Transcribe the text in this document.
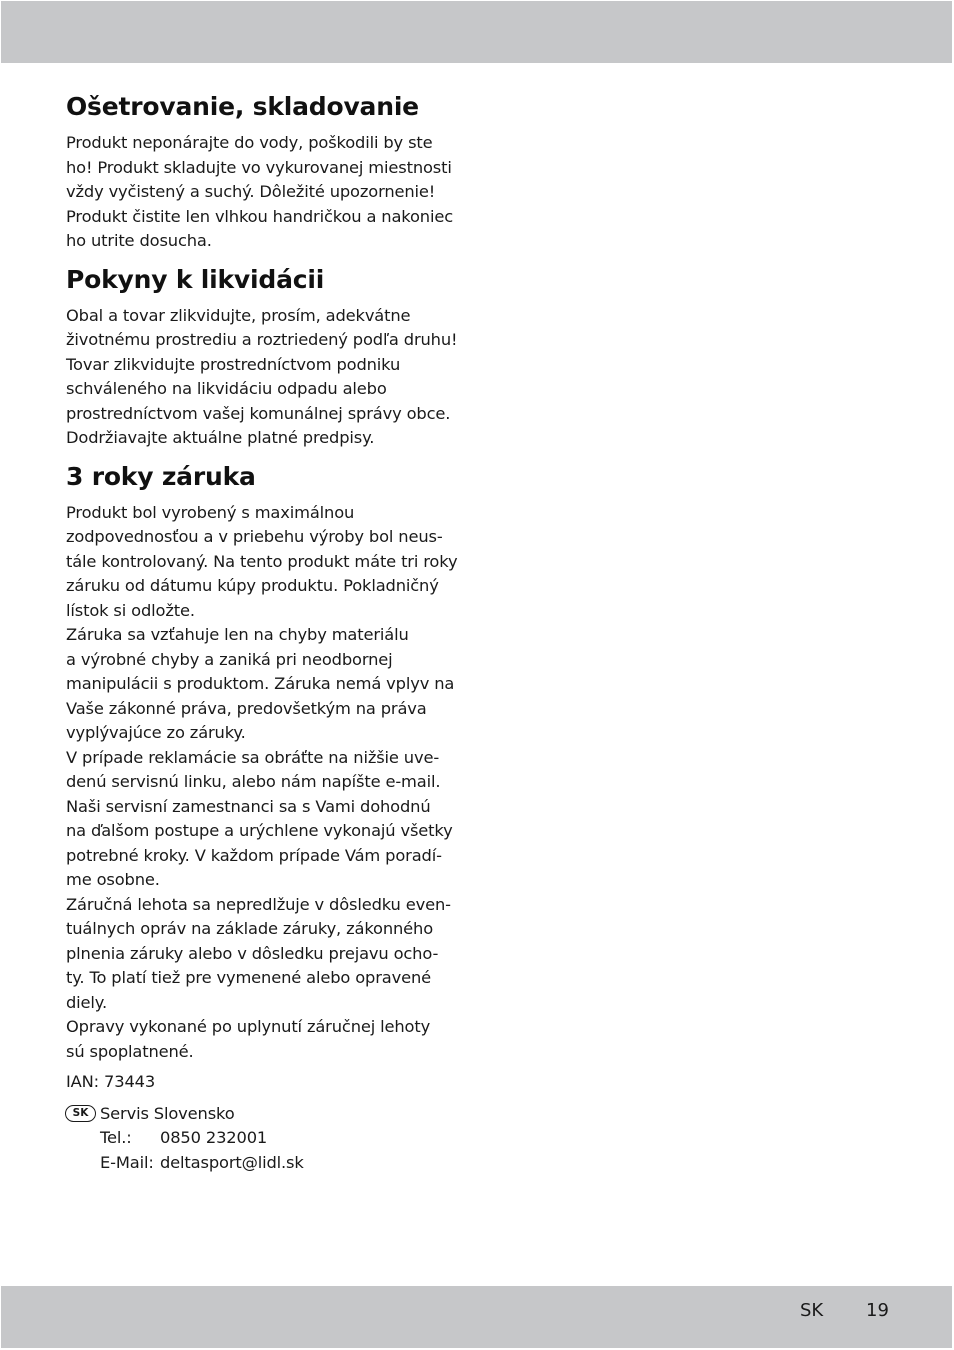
Ošetrovanie, skladovanie

Produkt neponárajte do vody, poškodili by ste
ho! Produkt skladujte vo vykurovanej miestnosti
vždy vyčistený a suchý. Dôležité upozornenie!
Produkt čistite len vlhkou handričkou a nakoniec
ho utrite dosucha.

Pokyny k likvidácii

Obal a tovar zlikvidujte, prosím, adekvátne
životnému prostrediu a roztriedený podľa druhu!
Tovar zlikvidujte prostredníctvom podniku
schváleného na likvidáciu odpadu alebo
prostredníctvom vašej komunálnej správy obce.
Dodržiavajte aktuálne platné predpisy.

3 roky záruka

Produkt bol vyrobený s maximálnou
zodpovednosťou a v priebehu výroby bol neus-
tále kontrolovaný. Na tento produkt máte tri roky
záruku od dátumu kúpy produktu. Pokladničný
lístok si odložte.
Záruka sa vzťahuje len na chyby materiálu
a výrobné chyby a zaniká pri neodbornej
manipulácii s produktom. Záruka nemá vplyv na
Vaše zákonné práva, predovšetkým na práva
vyplývajúce zo záruky.
V prípade reklamácie sa obráťte na nižšie uve-
denú servisnú linku, alebo nám napíšte e-mail.
Naši servisní zamestnanci sa s Vami dohodnú
na ďalšom postupe a urýchlene vykonajú všetky
potrebné kroky. V každom prípade Vám poradí-
me osobne.
Záručná lehota sa nepredlžuje v dôsledku even-
tuálnych opráv na základe záruky, zákonného
plnenia záruky alebo v dôsledku prejavu ocho-
ty. To platí tiež pre vymenené alebo opravené
diely.
Opravy vykonané po uplynutí záručnej lehoty
sú spoplatnené.

IAN: 73443

SK Servis Slovensko
Tel.: 0850 232001
E-Mail: deltasport@lidl.sk
SK 19
